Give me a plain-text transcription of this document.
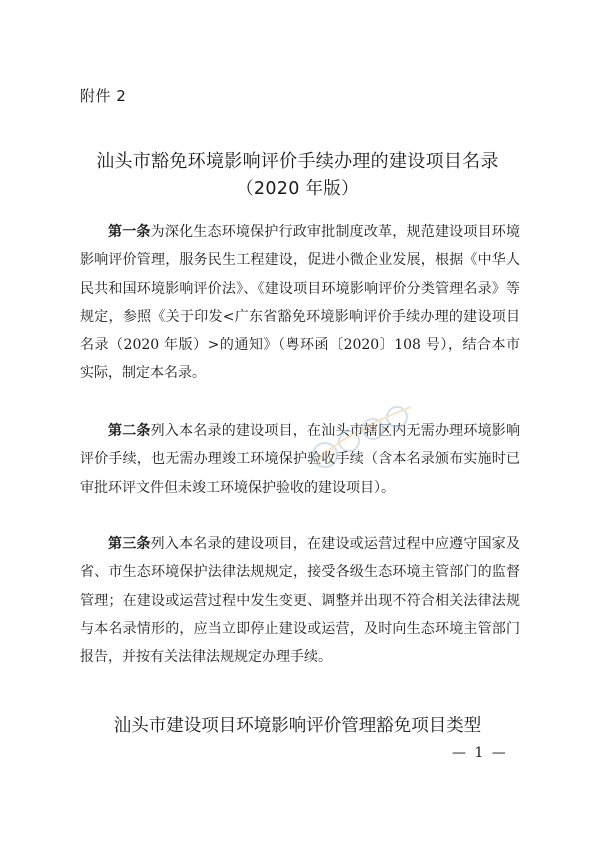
附件 2
汕头市豁免环境影响评价手续办理的建设项目名录
（2020 年版）

第一条为深化生态环境保护行政审批制度改革，规范建设项目环境影响评价管理，服务民生工程建设，促进小微企业发展，根据《中华人民共和国环境影响评价法》、《建设项目环境影响评价分类管理名录》等规定，参照《关于印发<广东省豁免环境影响评价手续办理的建设项目名录（2020 年版）>的通知》（粤环函〔2020〕108 号），结合本市实际，制定本名录。

第二条列入本名录的建设项目，在汕头市辖区内无需办理环境影响评价手续，也无需办理竣工环境保护验收手续（含本名录颁布实施时已审批环评文件但未竣工环境保护验收的建设项目）。

第三条列入本名录的建设项目，在建设或运营过程中应遵守国家及省、市生态环境保护法律法规规定，接受各级生态环境主管部门的监督管理；在建设或运营过程中发生变更、调整并出现不符合相关法律法规与本名录情形的，应当立即停止建设或运营，及时向生态环境主管部门报告，并按有关法律法规规定办理手续。

汕头市建设项目环境影响评价管理豁免项目类型
— 1 —
